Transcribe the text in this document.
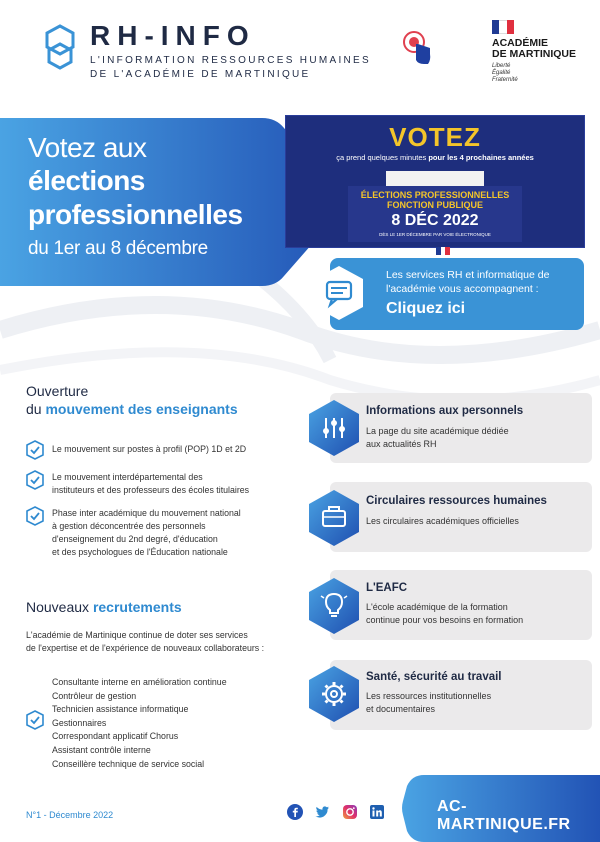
RH-INFO
L'INFORMATION RESSOURCES HUMAINES
DE L'ACADÉMIE DE MARTINIQUE
ACADÉMIE
DE MARTINIQUE
Liberté
Égalité
Fraternité
Votez aux
élections
professionnelles
du 1er au 8 décembre
VOTEZ
ça prend quelques minutes pour les 4 prochaines années
ÉLECTIONS PROFESSIONNELLES
FONCTION PUBLIQUE
8 DÉC 2022
DÈS LE 1ER DÉCEMBRE PAR VOIE ÉLECTRONIQUE
Les services RH et informatique de
l'académie vous accompagnent :
Cliquez ici
Ouverture
du mouvement des enseignants
Le mouvement sur postes à profil (POP) 1D et 2D
Le mouvement interdépartemental des
instituteurs et des professeurs des écoles titulaires
Phase inter académique du mouvement national
à gestion déconcentrée des personnels
d'enseignement du 2nd degré, d'éducation
et des psychologues de l'Éducation nationale
Nouveaux recrutements
L'académie de Martinique continue de doter ses services
de l'expertise et de l'expérience de nouveaux collaborateurs :
Consultante interne en amélioration continue
Contrôleur de gestion
Technicien assistance informatique
Gestionnaires
Correspondant applicatif Chorus
Assistant contrôle interne
Conseillère technique de service social
Informations aux personnels
La page du site académique dédiée
aux actualités RH
Circulaires ressources humaines
Les circulaires académiques officielles
L'EAFC
L'école académique de la formation
continue pour vos besoins en formation
Santé, sécurité au travail
Les ressources institutionnelles
et documentaires
N°1 - Décembre 2022	AC-MARTINIQUE.FR
